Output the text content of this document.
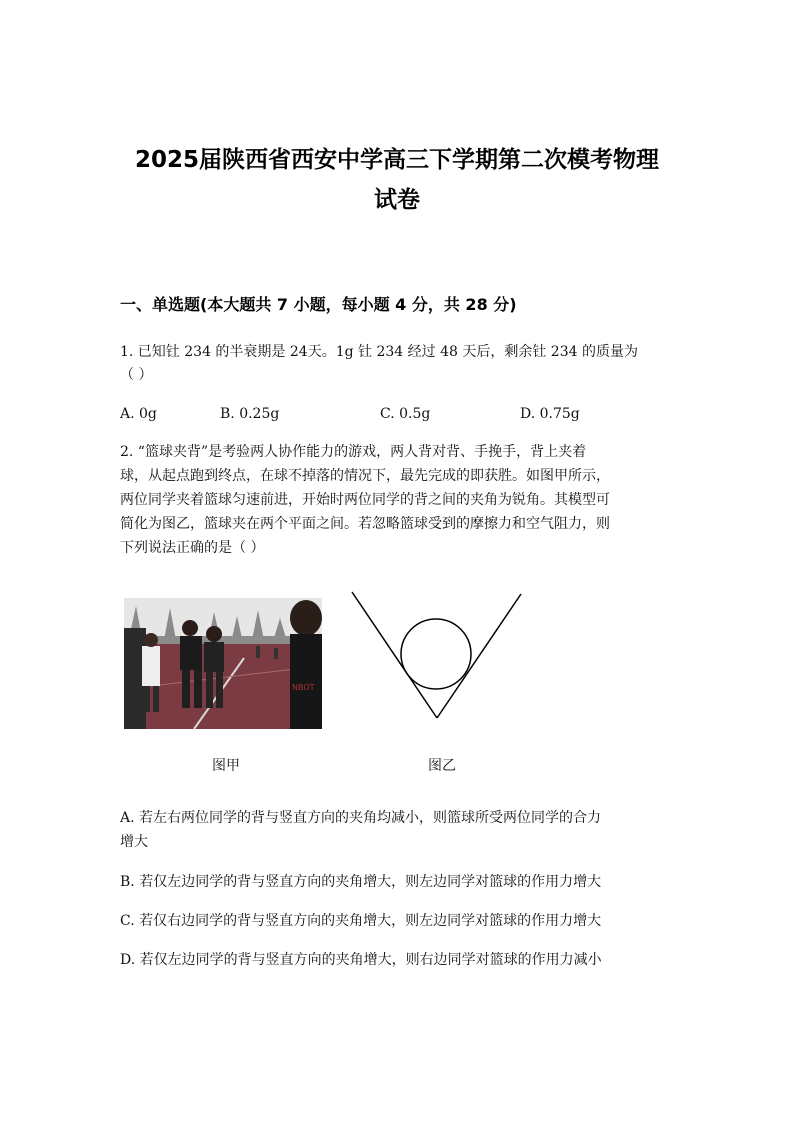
2025届陕西省西安中学高三下学期第二次模考物理
试卷
一、单选题(本大题共 7 小题，每小题 4 分，共 28 分)
1. 已知钍 234 的半衰期是 24天。1g 钍 234 经过 48 天后，剩余钍 234 的质量为
（ ）
A. 0g	B. 0.25g	C. 0.5g	D. 0.75g
2. “篮球夹背”是考验两人协作能力的游戏，两人背对背、手挽手，背上夹着
球，从起点跑到终点，在球不掉落的情况下，最先完成的即获胜。如图甲所示，
两位同学夹着篮球匀速前进，开始时两位同学的背之间的夹角为锐角。其模型可
简化为图乙，篮球夹在两个平面之间。若忽略篮球受到的摩擦力和空气阻力，则
下列说法正确的是（ ）
NBOT
图甲	图乙
A. 若左右两位同学的背与竖直方向的夹角均减小，则篮球所受两位同学的合力
增大
B. 若仅左边同学的背与竖直方向的夹角增大，则左边同学对篮球的作用力增大
C. 若仅右边同学的背与竖直方向的夹角增大，则左边同学对篮球的作用力增大
D. 若仅左边同学的背与竖直方向的夹角增大，则右边同学对篮球的作用力减小
